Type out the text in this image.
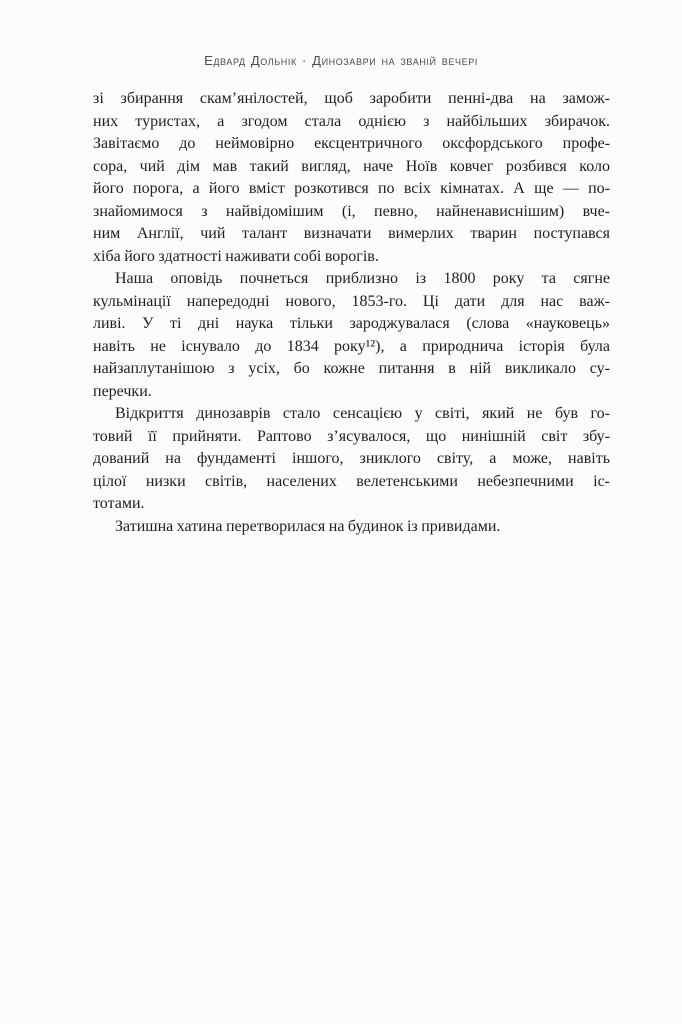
Едвард Дольнік · Динозаври на званій вечері
зі збирання скам’янілостей, щоб заробити пенні-два на замож-
них туристах, а згодом стала однією з найбільших збирачок.
Завітаємо до неймовірно ексцентричного оксфордського профе-
сора, чий дім мав такий вигляд, наче Ноїв ковчег розбився коло
його порога, а його вміст розкотився по всіх кімнатах. А ще — по-
знайомимося з найвідомішим (і, певно, найненависнішим) вче-
ним Англії, чий талант визначати вимерлих тварин поступався
хіба його здатності наживати собі ворогів.
Наша оповідь почнеться приблизно із 1800 року та сягне
кульмінації напередодні нового, 1853-го. Ці дати для нас важ-
ливі. У ті дні наука тільки зароджувалася (слова «науковець»
навіть не існувало до 1834 року¹²), а природнича історія була
найзаплутанішою з усіх, бо кожне питання в ній викликало су-
перечки.
Відкриття динозаврів стало сенсацією у світі, який не був го-
товий її прийняти. Раптово з’ясувалося, що нинішній світ збу-
дований на фундаменті іншого, зниклого світу, а може, навіть
цілої низки світів, населених велетенськими небезпечними іс-
тотами.
Затишна хатина перетворилася на будинок із привидами.
